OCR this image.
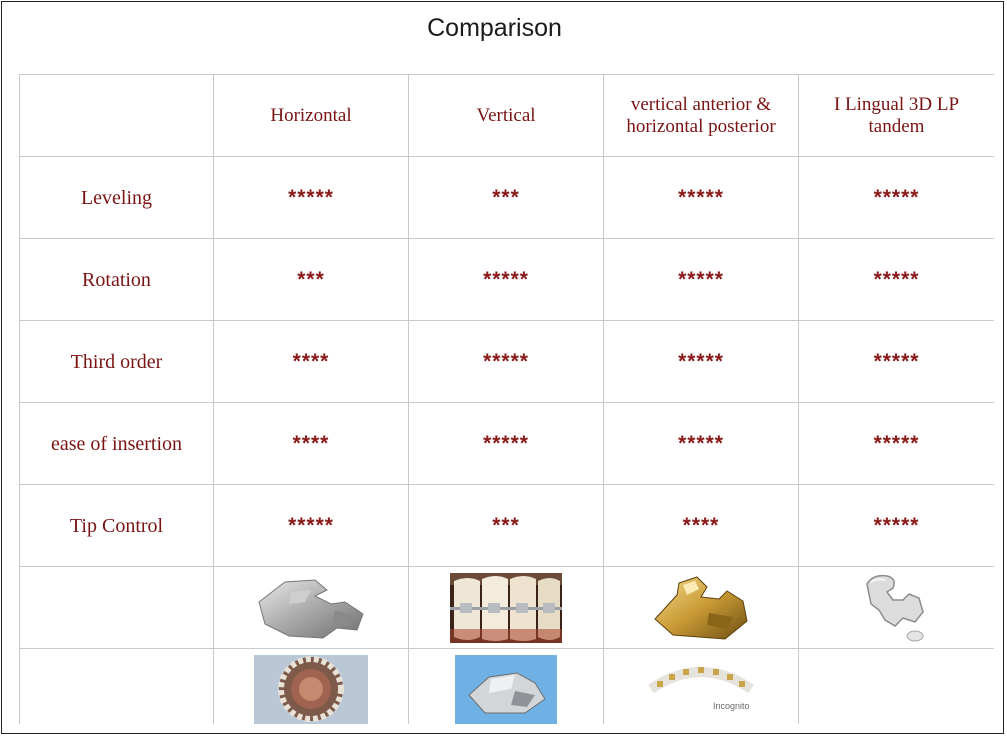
Comparison
	Horizontal	Vertical	vertical anterior & horizontal posterior	I Lingual 3D LP tandem
Leveling	*****	***	*****	*****
Rotation	***	*****	*****	*****
Third order	****	*****	*****	*****
ease of insertion	****	*****	*****	*****
Tip Control	*****	***	****	*****

Incognito	
